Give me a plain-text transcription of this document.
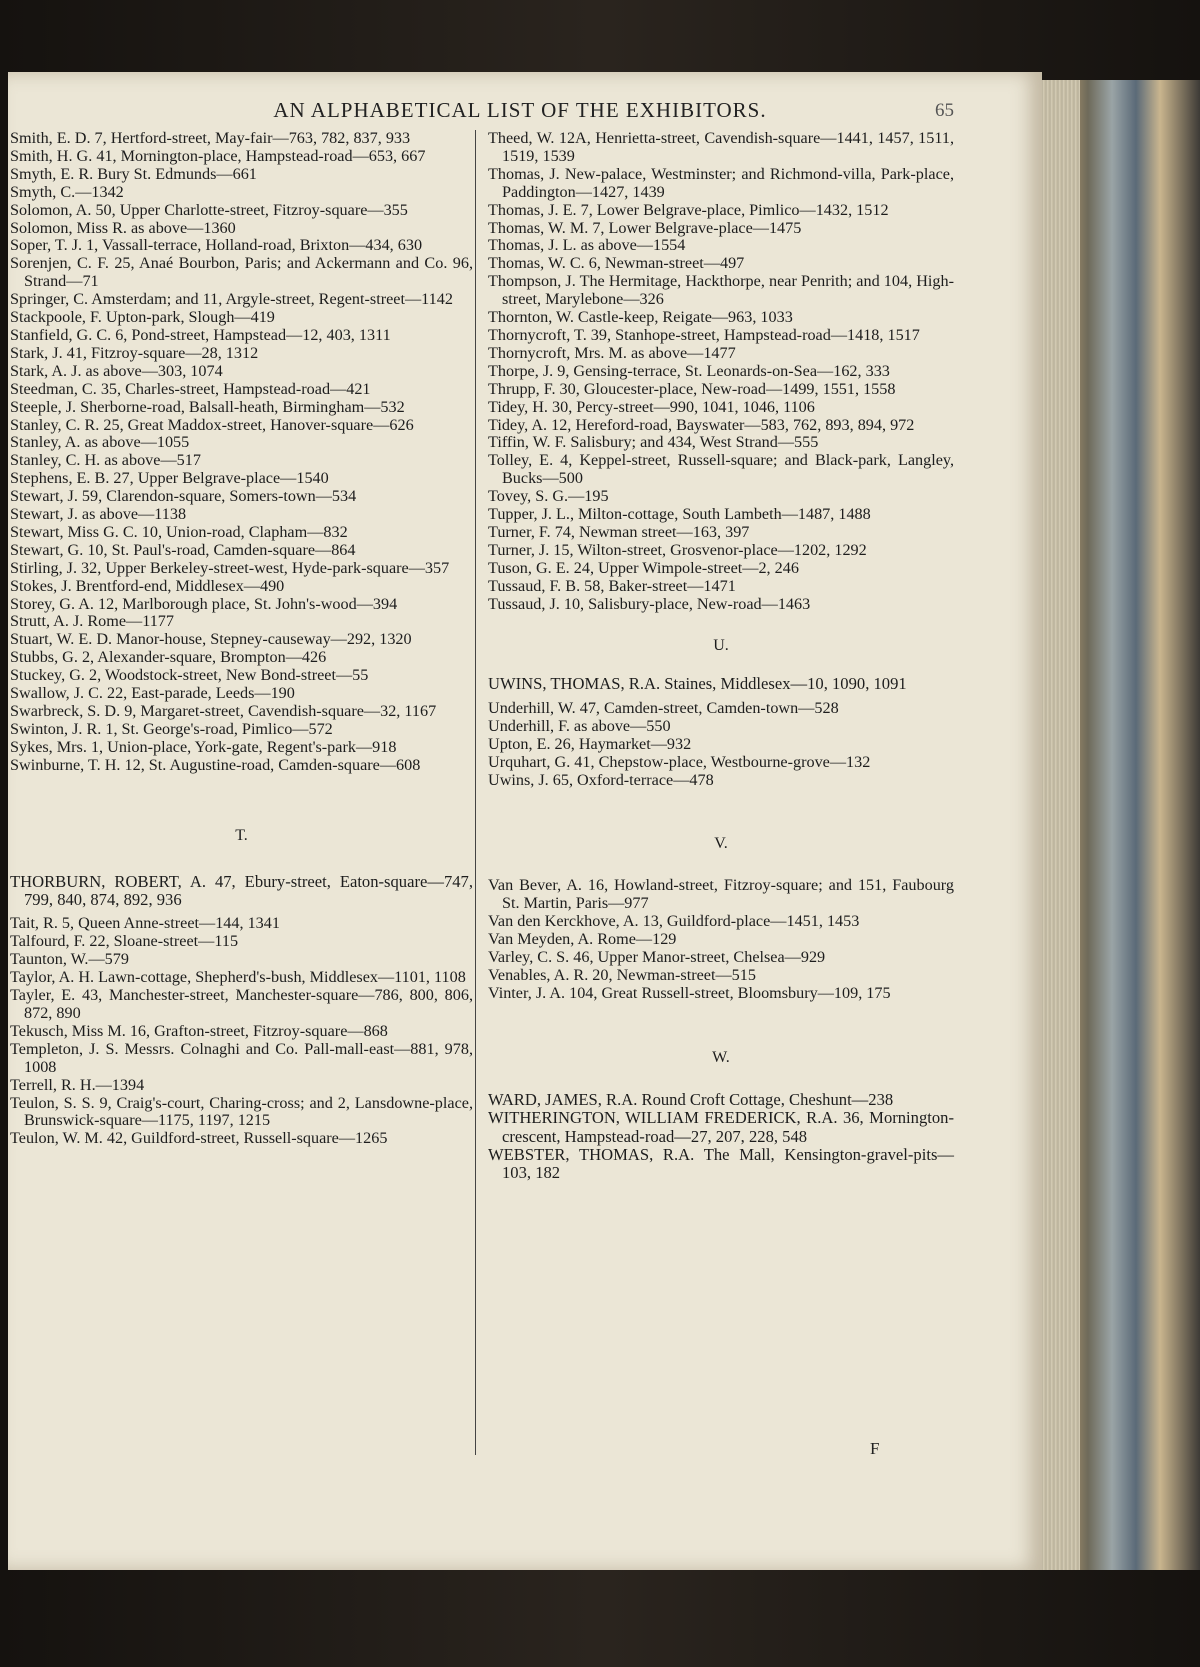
AN ALPHABETICAL LIST OF THE EXHIBITORS.	65

Smith, E. D. 7, Hertford-street, May-fair—763, 782, 837, 933

Smith, H. G. 41, Mornington-place, Hampstead-road—653, 667

Smyth, E. R. Bury St. Edmunds—661

Smyth, C.—1342

Solomon, A. 50, Upper Charlotte-street, Fitzroy-square—355

Solomon, Miss R. as above—1360

Soper, T. J. 1, Vassall-terrace, Holland-road, Brixton—434, 630

Sorenjen, C. F. 25, Anaé Bourbon, Paris; and Ackermann and Co. 96, Strand—71

Springer, C. Amsterdam; and 11, Argyle-street, Regent-street—1142

Stackpoole, F. Upton-park, Slough—419

Stanfield, G. C. 6, Pond-street, Hampstead—12, 403, 1311

Stark, J. 41, Fitzroy-square—28, 1312

Stark, A. J. as above—303, 1074

Steedman, C. 35, Charles-street, Hampstead-road—421

Steeple, J. Sherborne-road, Balsall-heath, Birmingham—532

Stanley, C. R. 25, Great Maddox-street, Hanover-square—626

Stanley, A. as above—1055

Stanley, C. H. as above—517

Stephens, E. B. 27, Upper Belgrave-place—1540

Stewart, J. 59, Clarendon-square, Somers-town—534

Stewart, J. as above—1138

Stewart, Miss G. C. 10, Union-road, Clapham—832

Stewart, G. 10, St. Paul's-road, Camden-square—864

Stirling, J. 32, Upper Berkeley-street-west, Hyde-park-square—357

Stokes, J. Brentford-end, Middlesex—490

Storey, G. A. 12, Marlborough place, St. John's-wood—394

Strutt, A. J. Rome—1177

Stuart, W. E. D. Manor-house, Stepney-causeway—292, 1320

Stubbs, G. 2, Alexander-square, Brompton—426

Stuckey, G. 2, Woodstock-street, New Bond-street—55

Swallow, J. C. 22, East-parade, Leeds—190

Swarbreck, S. D. 9, Margaret-street, Cavendish-square—32, 1167

Swinton, J. R. 1, St. George's-road, Pimlico—572

Sykes, Mrs. 1, Union-place, York-gate, Regent's-park—918

Swinburne, T. H. 12, St. Augustine-road, Camden-square—608

T.

THORBURN, ROBERT, A. 47, Ebury-street, Eaton-square—747, 799, 840, 874, 892, 936

Tait, R. 5, Queen Anne-street—144, 1341

Talfourd, F. 22, Sloane-street—115

Taunton, W.—579

Taylor, A. H. Lawn-cottage, Shepherd's-bush, Middlesex—1101, 1108

Tayler, E. 43, Manchester-street, Manchester-square—786, 800, 806, 872, 890

Tekusch, Miss M. 16, Grafton-street, Fitzroy-square—868

Templeton, J. S. Messrs. Colnaghi and Co. Pall-mall-east—881, 978, 1008

Terrell, R. H.—1394

Teulon, S. S. 9, Craig's-court, Charing-cross; and 2, Lansdowne-place, Brunswick-square—1175, 1197, 1215

Teulon, W. M. 42, Guildford-street, Russell-square—1265

Theed, W. 12A, Henrietta-street, Cavendish-square—1441, 1457, 1511, 1519, 1539

Thomas, J. New-palace, Westminster; and Richmond-villa, Park-place, Paddington—1427, 1439

Thomas, J. E. 7, Lower Belgrave-place, Pimlico—1432, 1512

Thomas, W. M. 7, Lower Belgrave-place—1475

Thomas, J. L. as above—1554

Thomas, W. C. 6, Newman-street—497

Thompson, J. The Hermitage, Hackthorpe, near Penrith; and 104, High-street, Marylebone—326

Thornton, W. Castle-keep, Reigate—963, 1033

Thornycroft, T. 39, Stanhope-street, Hampstead-road—1418, 1517

Thornycroft, Mrs. M. as above—1477

Thorpe, J. 9, Gensing-terrace, St. Leonards-on-Sea—162, 333

Thrupp, F. 30, Gloucester-place, New-road—1499, 1551, 1558

Tidey, H. 30, Percy-street—990, 1041, 1046, 1106

Tidey, A. 12, Hereford-road, Bayswater—583, 762, 893, 894, 972

Tiffin, W. F. Salisbury; and 434, West Strand—555

Tolley, E. 4, Keppel-street, Russell-square; and Black-park, Langley, Bucks—500

Tovey, S. G.—195

Tupper, J. L., Milton-cottage, South Lambeth—1487, 1488

Turner, F. 74, Newman street—163, 397

Turner, J. 15, Wilton-street, Grosvenor-place—1202, 1292

Tuson, G. E. 24, Upper Wimpole-street—2, 246

Tussaud, F. B. 58, Baker-street—1471

Tussaud, J. 10, Salisbury-place, New-road—1463

U.

UWINS, THOMAS, R.A. Staines, Middlesex—10, 1090, 1091

Underhill, W. 47, Camden-street, Camden-town—528

Underhill, F. as above—550

Upton, E. 26, Haymarket—932

Urquhart, G. 41, Chepstow-place, Westbourne-grove—132

Uwins, J. 65, Oxford-terrace—478

V.

Van Bever, A. 16, Howland-street, Fitzroy-square; and 151, Faubourg St. Martin, Paris—977

Van den Kerckhove, A. 13, Guildford-place—1451, 1453

Van Meyden, A. Rome—129

Varley, C. S. 46, Upper Manor-street, Chelsea—929

Venables, A. R. 20, Newman-street—515

Vinter, J. A. 104, Great Russell-street, Bloomsbury—109, 175

W.

WARD, JAMES, R.A. Round Croft Cottage, Cheshunt—238

WITHERINGTON, WILLIAM FREDERICK, R.A. 36, Mornington-crescent, Hampstead-road—27, 207, 228, 548

WEBSTER, THOMAS, R.A. The Mall, Kensington-gravel-pits—103, 182

F
